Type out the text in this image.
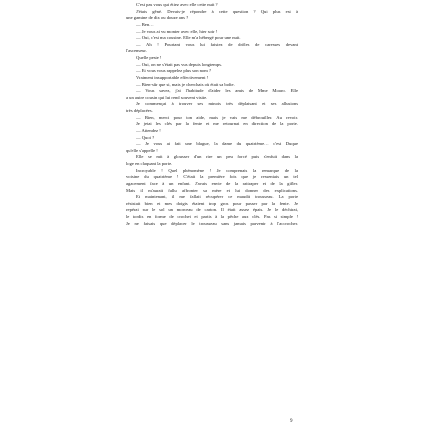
C'est pas vous qui étiez avec elle cette nuit ?
J'étais gêné. Devais-je répondre à cette question ? Qui plus est à
une gamine de dix ou douze ans ?
— Ben…
— Je vous ai vu monter avec elle, hier soir !
— Oui, c'est ma cousine. Elle m'a hébergé pour une nuit.
— Ah ! Pourtant vous lui faisiez de drôles de caresses devant
l'ascenseur.
Quelle peste !
— Oui, on ne s'était pas vus depuis longtemps.
— Et vous vous rappelez plus son nom ?
Vraiment insupportable effectivement !
— Bien-sûr que si, mais je cherchais où était sa boîte.
— Vous savez, j'ai l'habitude d'aider les amis de Mme Moaro. Elle
a un autre cousin qui lui rend souvent visite.
Je commençai à trouver ses minois très déplaisant et ses allusions
très déplacées.
— Bien, merci pour ton aide, mais je vais me débrouiller. Au revoir.
Je jetai les clés par la fente et me retournai en direction de la porte.
— Attendez !
— Quoi ?
— Je vous ai fait une blague, la dame du quatrième… c'est Duque
qu'elle s'appelle !
Elle se mit à glousser d'un rire un peu forcé puis s'enfuit dans la
loge en claquant la porte.
Incroyable ! Quel phénomène ! Je comprenais la remarque de la
voisine du quatrième ! C'était la première fois que je ressentais un tel
agacement face à un enfant. J'avais envie de la rattraper et de la gifler.
Mais il m'aurait fallu affronter sa mère et lui donner des explications.
Et maintenant, il me fallait récupérer ce maudit trousseau. La porte
résistait bien et mes doigts étaient trop gros pour passer par la fente. Je
repérai sur le sol un morceau de carton. Il était assez épais. Je le déchirai,
le tordis en forme de crochet et partis à la pêche aux clés. Pas si simple !
Je ne faisais que déplacer le trousseau sans jamais parvenir à l'accrocher.
9
